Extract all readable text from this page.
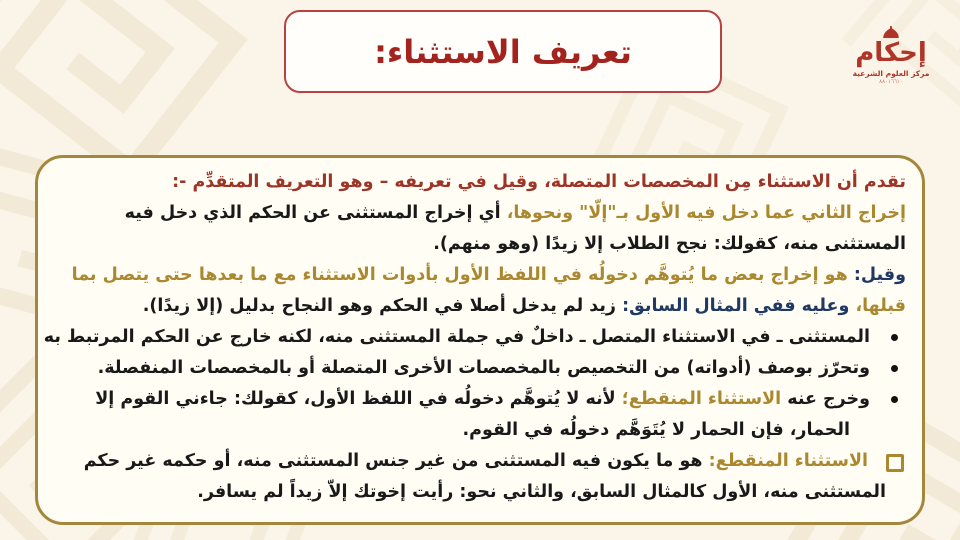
تعريف الاستثناء:	إحكام
مركز العلوم الشرعية
٨٨٠١٦٦١٠
تقدم أن الاستثناء مِن المخصصات المتصلة، وقيل في تعريفه – وهو التعريف المتقدِّم -:
إخراج الثاني عما دخل فيه الأول بـ"إلّا" ونحوها، أي إخراج المستثنى عن الحكم الذي دخل فيه
المستثنى منه، كقولك: نجح الطلاب إلا زيدًا (وهو منهم).
وقيل: هو إخراج بعض ما يُتوهَّم دخولُه في اللفظ الأول بأدوات الاستثناء مع ما بعدها حتى يتصل بما
قبلها، وعليه ففي المثال السابق: زيد لم يدخل أصلا في الحكم وهو النجاح بدليل (إلا زيدًا).
المستثنى ـ في الاستثناء المتصل ـ داخلٌ في جملة المستثنى منه، لكنه خارج عن الحكم المرتبط به
وتحرّز بوصف (أدواته) من التخصيص بالمخصصات الأخرى المتصلة أو بالمخصصات المنفصلة.
وخرج عنه الاستثناء المنقطع؛ لأنه لا يُتوهَّم دخولُه في اللفظ الأول، كقولك: جاءني القوم إلا
الحمار، فإن الحمار لا يُتَوَهَّم دخولُه في القوم.
الاستثناء المنقطع: هو ما يكون فيه المستثنى من غير جنس المستثنى منه، أو حكمه غير حكم
المستثنى منه، الأول كالمثال السابق، والثاني نحو: رأيت إخوتك إلاّ زيداً لم يسافر.
